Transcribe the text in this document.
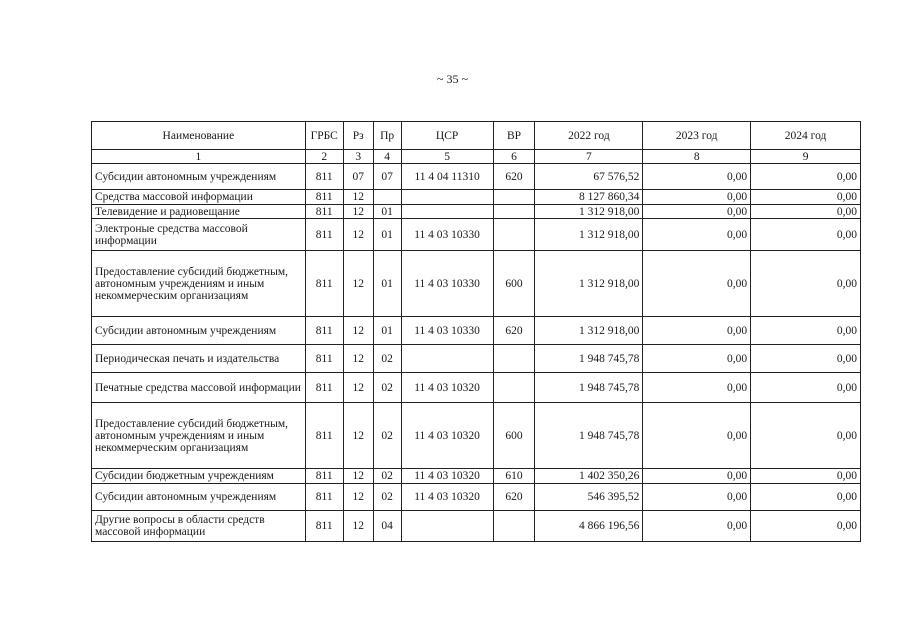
~ 35 ~
Наименование	ГРБС	Рз	Пр	ЦСР	ВР	2022 год	2023 год	2024 год
1	2	3	4	5	6	7	8	9
Субсидии автономным учреждениям	811	07	07	11 4 04 11310	620	67 576,52	0,00	0,00
Средства массовой информации	811	12				8 127 860,34	0,00	0,00
Телевидение и радиовещание	811	12	01			1 312 918,00	0,00	0,00
Электроные средства массовой информации	811	12	01	11 4 03 10330		1 312 918,00	0,00	0,00
Предоставление субсидий бюджетным, автономным учреждениям и иным некоммерческим организациям	811	12	01	11 4 03 10330	600	1 312 918,00	0,00	0,00
Субсидии автономным учреждениям	811	12	01	11 4 03 10330	620	1 312 918,00	0,00	0,00
Периодическая печать и издательства	811	12	02			1 948 745,78	0,00	0,00
Печатные средства массовой информации	811	12	02	11 4 03 10320		1 948 745,78	0,00	0,00
Предоставление субсидий бюджетным, автономным учреждениям и иным некоммерческим организациям	811	12	02	11 4 03 10320	600	1 948 745,78	0,00	0,00
Субсидии бюджетным учреждениям	811	12	02	11 4 03 10320	610	1 402 350,26	0,00	0,00
Субсидии автономным учреждениям	811	12	02	11 4 03 10320	620	546 395,52	0,00	0,00
Другие вопросы в области средств массовой информации	811	12	04			4 866 196,56	0,00	0,00
